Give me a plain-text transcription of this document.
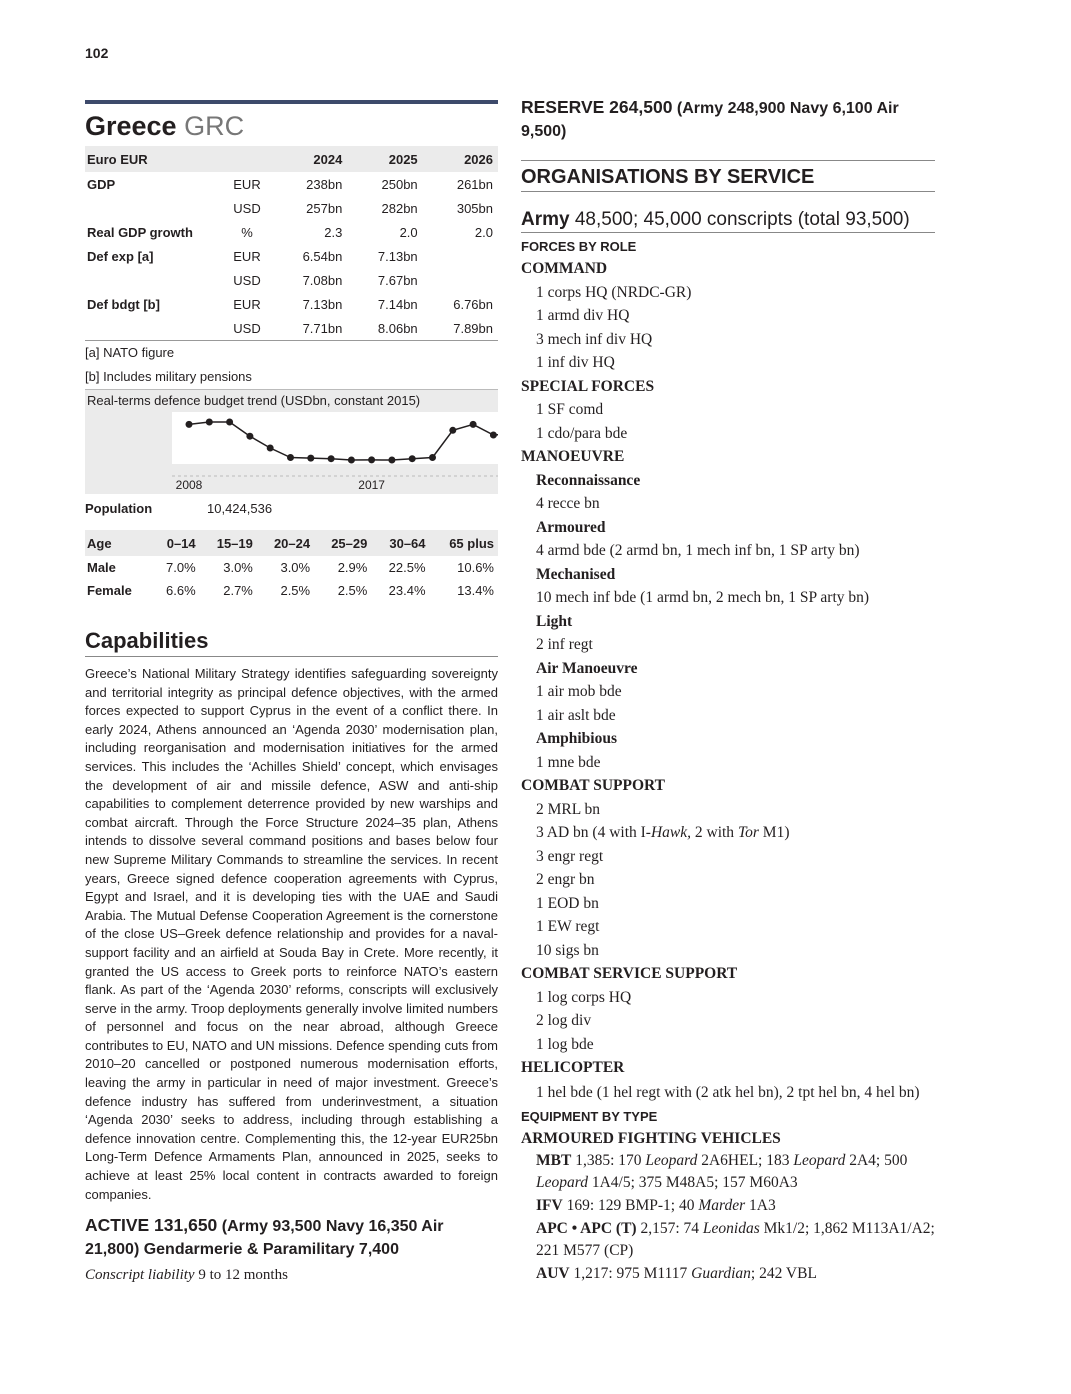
102
Greece GRC
Euro EUR		2024	2025	2026
GDP	EUR	238bn	250bn	261bn
	USD	257bn	282bn	305bn
Real GDP growth	%	2.3	2.0	2.0
Def exp [a]	EUR	6.54bn	7.13bn	
	USD	7.08bn	7.67bn	
Def bdgt [b]	EUR	7.13bn	7.14bn	6.76bn
	USD	7.71bn	8.06bn	7.89bn
[a] NATO figure
[b] Includes military pensions
Real-terms defence budget trend (USDbn, constant 2015)
2008	2017
Population	10,424,536
Age	0–14	15–19	20–24	25–29	30–64	65 plus
Male	7.0%	3.0%	3.0%	2.9%	22.5%	10.6%
Female	6.6%	2.7%	2.5%	2.5%	23.4%	13.4%
Capabilities
Greece’s National Military Strategy identifies safeguarding sovereignty and territorial integrity as principal defence objectives, with the armed forces expected to support Cyprus in the event of a conflict there. In early 2024, Athens announced an ‘Agenda 2030’ modernisation plan, including reorganisation and modernisation initiatives for the armed services. This includes the ‘Achilles Shield’ concept, which envisages the development of air and missile defence, ASW and anti-ship capabilities to complement deterrence provided by new warships and combat aircraft. Through the Force Structure 2024–35 plan, Athens intends to dissolve several command positions and bases below four new Supreme Military Commands to streamline the services. In recent years, Greece signed defence cooperation agreements with Cyprus, Egypt and Israel, and it is developing ties with the UAE and Saudi Arabia. The Mutual Defense Cooperation Agreement is the cornerstone of the close US–Greek defence relationship and provides for a naval-support facility and an airfield at Souda Bay in Crete. More recently, it granted the US access to Greek ports to reinforce NATO’s eastern flank. As part of the ‘Agenda 2030’ reforms, conscripts will exclusively serve in the army. Troop deployments generally involve limited numbers of personnel and focus on the near abroad, although Greece contributes to EU, NATO and UN missions. Defence spending cuts from 2010–20 cancelled or postponed numerous modernisation efforts, leaving the army in particular in need of major investment. Greece’s defence industry has suffered from underinvestment, a situation ‘Agenda 2030’ seeks to address, including through establishing a defence innovation centre. Complementing this, the 12-year EUR25bn Long-Term Defence Armaments Plan, announced in 2025, seeks to achieve at least 25% local content in contracts awarded to foreign companies.
ACTIVE 131,650 (Army 93,500 Navy 16,350 Air 21,800) Gendarmerie & Paramilitary 7,400
Conscript liability 9 to 12 months
RESERVE 264,500 (Army 248,900 Navy 6,100 Air 9,500)
ORGANISATIONS BY SERVICE
Army 48,500; 45,000 conscripts (total 93,500)
FORCES BY ROLE
COMMAND
1 corps HQ (NRDC-GR)
1 armd div HQ
3 mech inf div HQ
1 inf div HQ
SPECIAL FORCES
1 SF comd
1 cdo/para bde
MANOEUVRE
Reconnaissance
4 recce bn
Armoured
4 armd bde (2 armd bn, 1 mech inf bn, 1 SP arty bn)
Mechanised
10 mech inf bde (1 armd bn, 2 mech bn, 1 SP arty bn)
Light
2 inf regt
Air Manoeuvre
1 air mob bde
1 air aslt bde
Amphibious
1 mne bde
COMBAT SUPPORT
2 MRL bn
3 AD bn (4 with I-Hawk, 2 with Tor M1)
3 engr regt
2 engr bn
1 EOD bn
1 EW regt
10 sigs bn
COMBAT SERVICE SUPPORT
1 log corps HQ
2 log div
1 log bde
HELICOPTER
1 hel bde (1 hel regt with (2 atk hel bn), 2 tpt hel bn, 4 hel bn)
EQUIPMENT BY TYPE
ARMOURED FIGHTING VEHICLES
MBT 1,385: 170 Leopard 2A6HEL; 183 Leopard 2A4; 500 Leopard 1A4/5; 375 M48A5; 157 M60A3
IFV 169: 129 BMP-1; 40 Marder 1A3
APC • APC (T) 2,157: 74 Leonidas Mk1/2; 1,862 M113A1/A2; 221 M577 (CP)
AUV 1,217: 975 M1117 Guardian; 242 VBL
